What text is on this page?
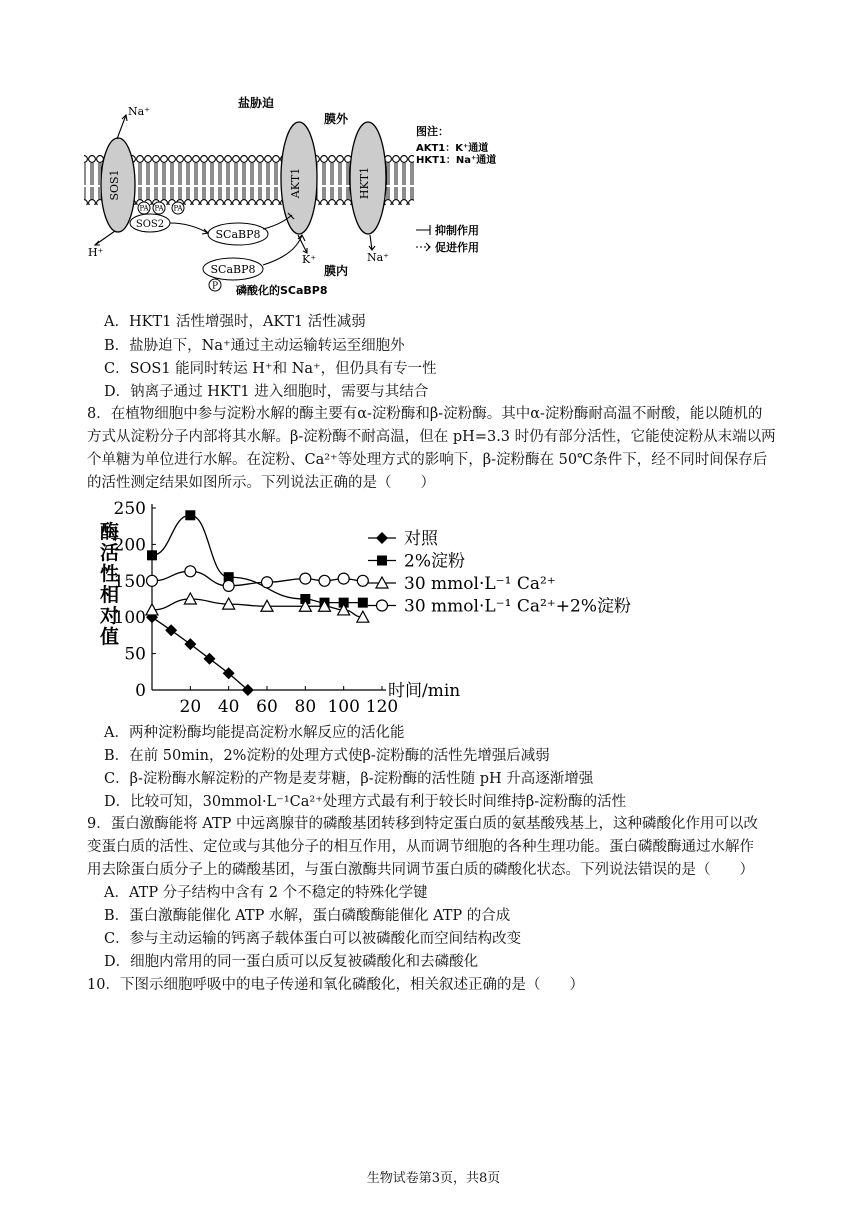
SOS1
PA PA PA
SOS2
AKT1	HKT1
SCaBP8
SCaBP8
P
Na⁺
H⁺
K⁺	Na⁺
盐胁迫
膜外
膜内
磷酸化的SCaBP8
图注：
AKT1：K⁺通道
HKT1：Na⁺通道
抑制作用
促进作用
A．HKT1 活性增强时，AKT1 活性减弱
B．盐胁迫下，Na⁺通过主动运输转运至细胞外
C．SOS1 能同时转运 H⁺和 Na⁺，但仍具有专一性
D．钠离子通过 HKT1 进入细胞时，需要与其结合
8．在植物细胞中参与淀粉水解的酶主要有α-淀粉酶和β-淀粉酶。其中α-淀粉酶耐高温不耐酸，能以随机的
方式从淀粉分子内部将其水解。β-淀粉酶不耐高温，但在 pH=3.3 时仍有部分活性，它能使淀粉从末端以两
个单糖为单位进行水解。在淀粉、Ca²⁺等处理方式的影响下，β-淀粉酶在 50℃条件下，经不同时间保存后
的活性测定结果如图所示。下列说法正确的是（　　）
0
50
100
150
200
250
20 40 60 80 100 120
酶活性相对值
时间/min
对照
2%淀粉
30 mmol·L⁻¹ Ca²⁺
30 mmol·L⁻¹ Ca²⁺+2%淀粉
A．两种淀粉酶均能提高淀粉水解反应的活化能
B．在前 50min，2%淀粉的处理方式使β-淀粉酶的活性先增强后减弱
C．β-淀粉酶水解淀粉的产物是麦芽糖，β-淀粉酶的活性随 pH 升高逐渐增强
D．比较可知，30mmol·L⁻¹Ca²⁺处理方式最有利于较长时间维持β-淀粉酶的活性
9．蛋白激酶能将 ATP 中远离腺苷的磷酸基团转移到特定蛋白质的氨基酸残基上，这种磷酸化作用可以改
变蛋白质的活性、定位或与其他分子的相互作用，从而调节细胞的各种生理功能。蛋白磷酸酶通过水解作
用去除蛋白质分子上的磷酸基团，与蛋白激酶共同调节蛋白质的磷酸化状态。下列说法错误的是（　　）
A．ATP 分子结构中含有 2 个不稳定的特殊化学键
B．蛋白激酶能催化 ATP 水解，蛋白磷酸酶能催化 ATP 的合成
C．参与主动运输的钙离子载体蛋白可以被磷酸化而空间结构改变
D．细胞内常用的同一蛋白质可以反复被磷酸化和去磷酸化
10．下图示细胞呼吸中的电子传递和氧化磷酸化，相关叙述正确的是（　　）
生物试卷第3页，共8页
